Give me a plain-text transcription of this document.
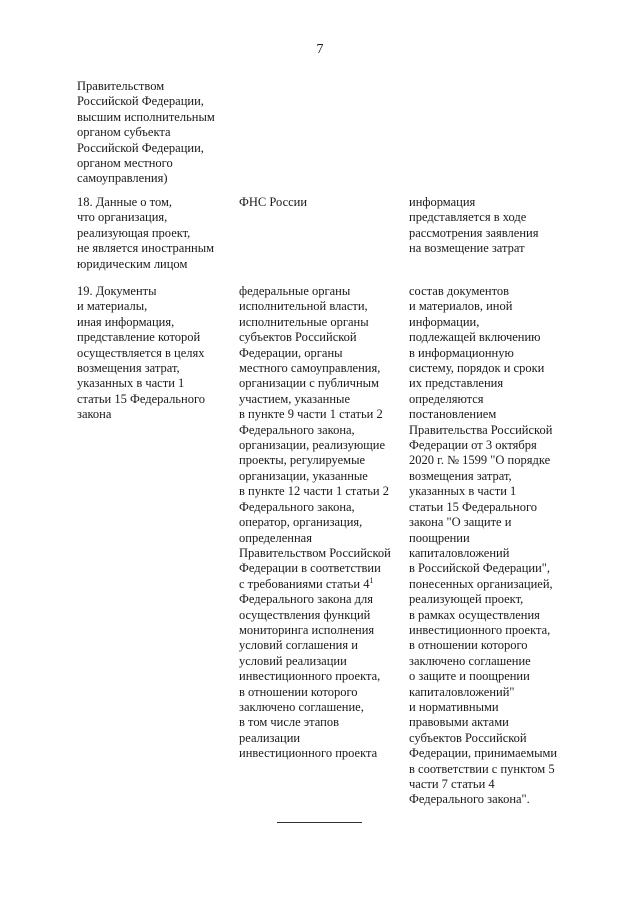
7
Правительством
Российской Федерации,
высшим исполнительным
органом субъекта
Российской Федерации,
органом местного
самоуправления)
18. Данные о том,
что организация,
реализующая проект,
не является иностранным
юридическим лицом
ФНС России	информация
представляется в ходе
рассмотрения заявления
на возмещение затрат
19. Документы
и материалы,
иная информация,
представление которой
осуществляется в целях
возмещения затрат,
указанных в части 1
статьи 15 Федерального
закона
федеральные органы
исполнительной власти,
исполнительные органы
субъектов Российской
Федерации, органы
местного самоуправления,
организации с публичным
участием, указанные
в пункте 9 части 1 статьи 2
Федерального закона,
организации, реализующие
проекты, регулируемые
организации, указанные
в пункте 12 части 1 статьи 2
Федерального закона,
оператор, организация,
определенная
Правительством Российской
Федерации в соответствии
с требованиями статьи $4^1$
Федерального закона для
осуществления функций
мониторинга исполнения
условий соглашения и
условий реализации
инвестиционного проекта,
в отношении которого
заключено соглашение,
в том числе этапов
реализации
инвестиционного проекта
состав документов
и материалов, иной
информации,
подлежащей включению
в информационную
систему, порядок и сроки
их представления
определяются
постановлением
Правительства Российской
Федерации от 3 октября
2020 г. № 1599 "О порядке
возмещения затрат,
указанных в части 1
статьи 15 Федерального
закона "О защите и
поощрении
капиталовложений
в Российской Федерации",
понесенных организацией,
реализующей проект,
в рамках осуществления
инвестиционного проекта,
в отношении которого
заключено соглашение
о защите и поощрении
капиталовложений"
и нормативными
правовыми актами
субъектов Российской
Федерации, принимаемыми
в соответствии с пунктом 5
части 7 статьи 4
Федерального закона".
